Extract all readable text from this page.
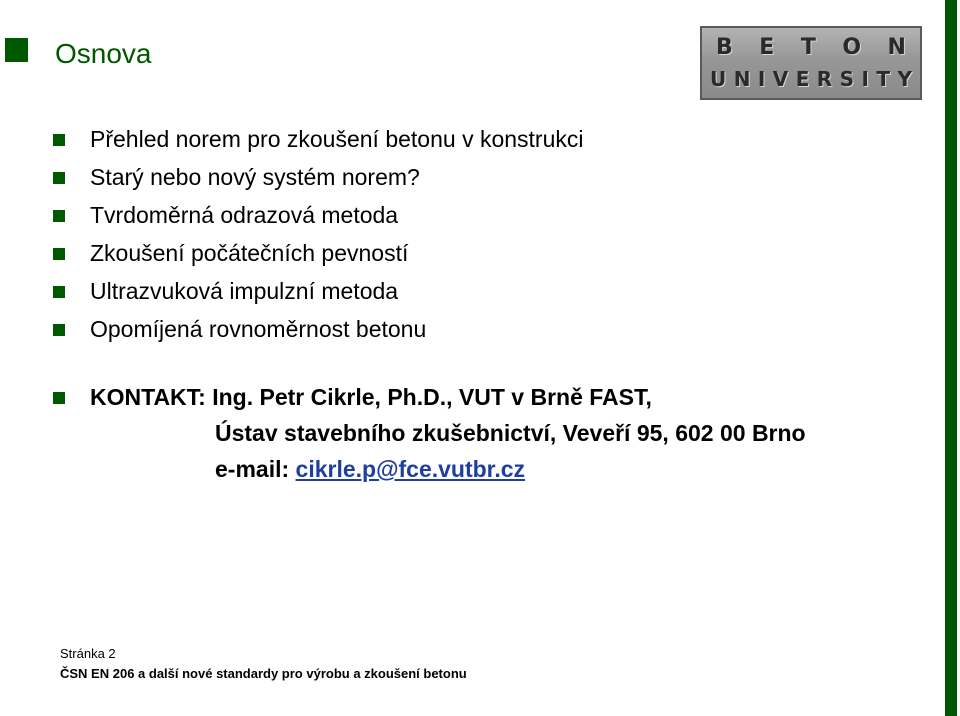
Osnova	B E T O N
U N I V E R S I T Y
Přehled norem pro zkoušení betonu v konstrukci
Starý nebo nový systém norem?
Tvrdoměrná odrazová metoda
Zkoušení počátečních pevností
Ultrazvuková impulzní metoda
Opomíjená rovnoměrnost betonu
KONTAKT: Ing. Petr Cikrle, Ph.D., VUT v Brně FAST,
Ústav stavebního zkušebnictví, Veveří 95, 602 00 Brno
e-mail: cikrle.p@fce.vutbr.cz
Stránka 2
ČSN EN 206 a další nové standardy pro výrobu a zkoušení betonu
